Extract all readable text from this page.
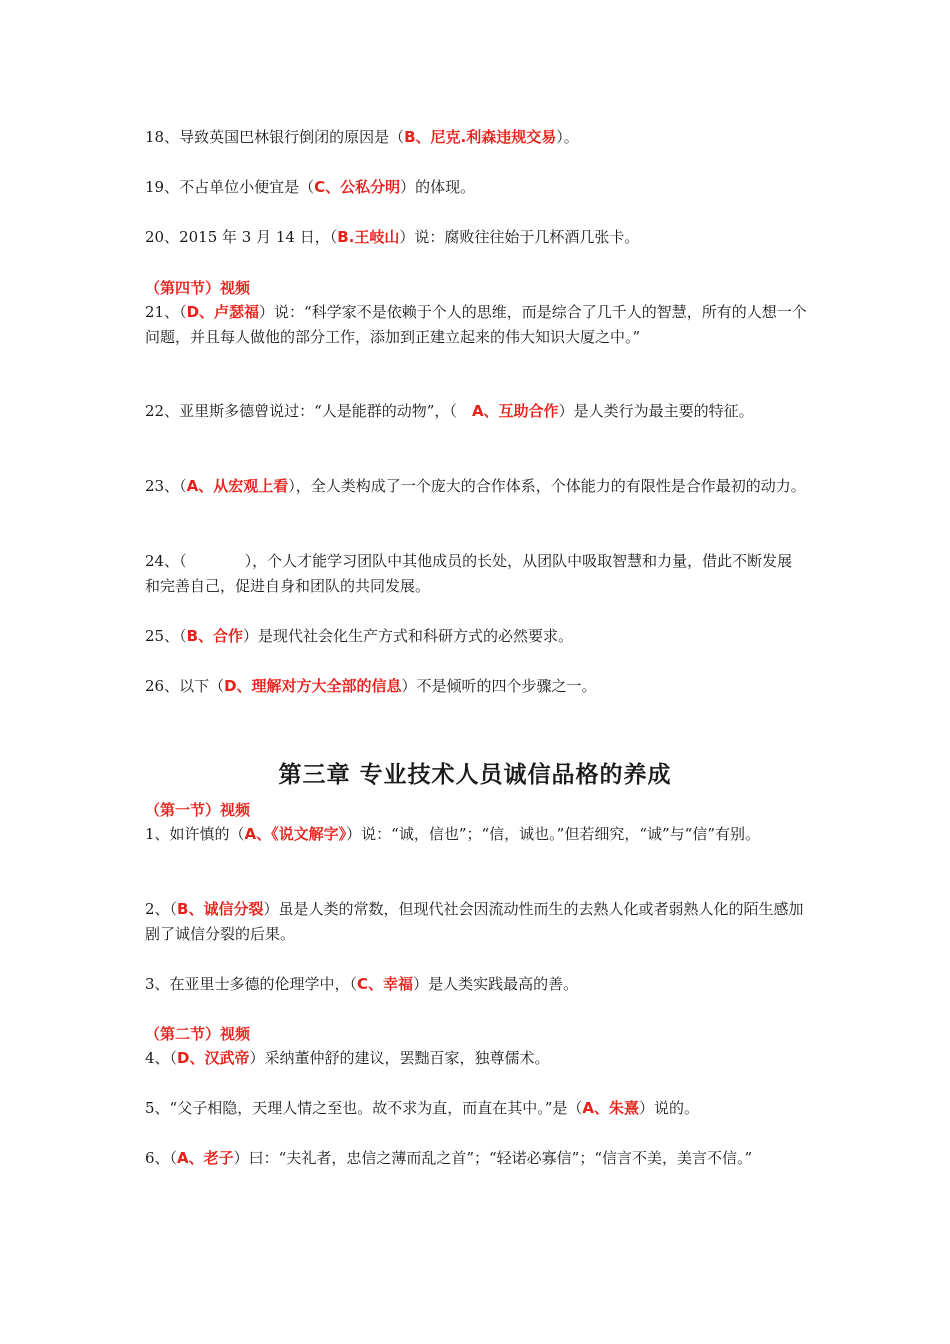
18、导致英国巴林银行倒闭的原因是（B、尼克.利森违规交易）。

19、不占单位小便宜是（C、公私分明）的体现。

20、2015 年 3 月 14 日，（B.王岐山）说：腐败往往始于几杯酒几张卡。

（第四节）视频

21、（D、卢瑟福）说：“科学家不是依赖于个人的思维，而是综合了几千人的智慧，所有的人想一个问题，并且每人做他的部分工作，添加到正建立起来的伟大知识大厦之中。”

22、亚里斯多德曾说过：“人是能群的动物”，（　A、互助合作）是人类行为最主要的特征。

23、（A、从宏观上看），全人类构成了一个庞大的合作体系，个体能力的有限性是合作最初的动力。

24、（	），个人才能学习团队中其他成员的长处，从团队中吸取智慧和力量，借此不断发展和完善自己，促进自身和团队的共同发展。

25、（B、合作）是现代社会化生产方式和科研方式的必然要求。

26、以下（D、理解对方大全部的信息）不是倾听的四个步骤之一。

第三章 专业技术人员诚信品格的养成

（第一节）视频

1、如许慎的（A、《说文解字》）说：“诚，信也”；“信，诚也。”但若细究，“诚”与“信”有别。

2、（B、诚信分裂）虽是人类的常数，但现代社会因流动性而生的去熟人化或者弱熟人化的陌生感加剧了诚信分裂的后果。

3、在亚里士多德的伦理学中，（C、幸福）是人类实践最高的善。

（第二节）视频

4、（D、汉武帝）采纳董仲舒的建议，罢黜百家，独尊儒术。

5、“父子相隐，天理人情之至也。故不求为直，而直在其中。”是（A、朱熹）说的。

6、（A、老子）曰：“夫礼者，忠信之薄而乱之首”；“轻诺必寡信”；“信言不美，美言不信。”
